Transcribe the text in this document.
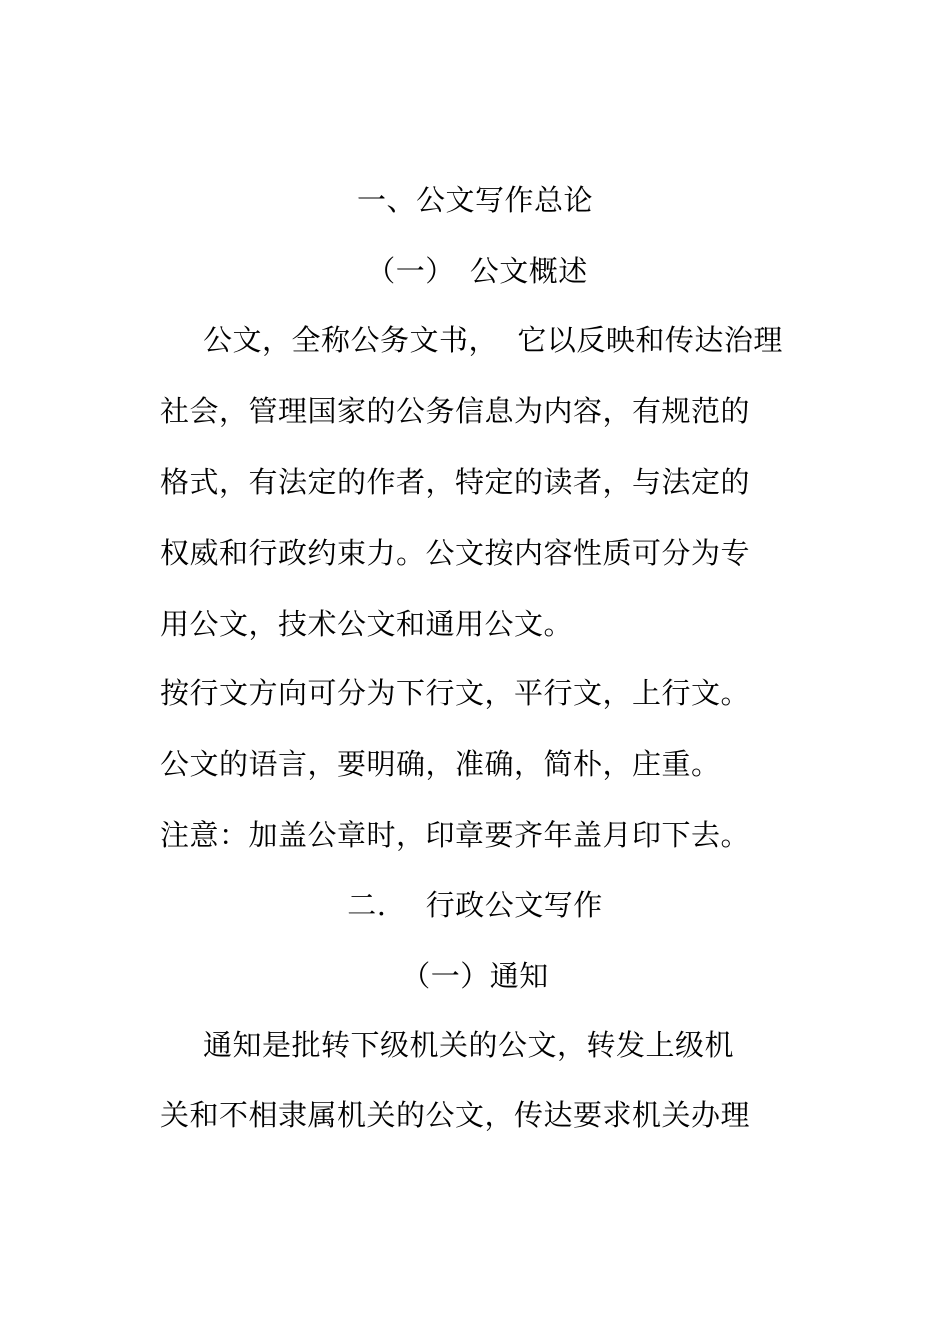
一、公文写作总论
（一）　公文概述
公文，全称公务文书，  它以反映和传达治理
社会，管理国家的公务信息为内容，有规范的
格式，有法定的作者，特定的读者，与法定的
权威和行政约束力。公文按内容性质可分为专
用公文，技术公文和通用公文。
按行文方向可分为下行文，平行文，上行文。
公文的语言，要明确，准确，简朴，庄重。
注意：加盖公章时，印章要齐年盖月印下去。
二.　 行政公文写作
（一）通知
通知是批转下级机关的公文，转发上级机
关和不相隶属机关的公文，传达要求机关办理
